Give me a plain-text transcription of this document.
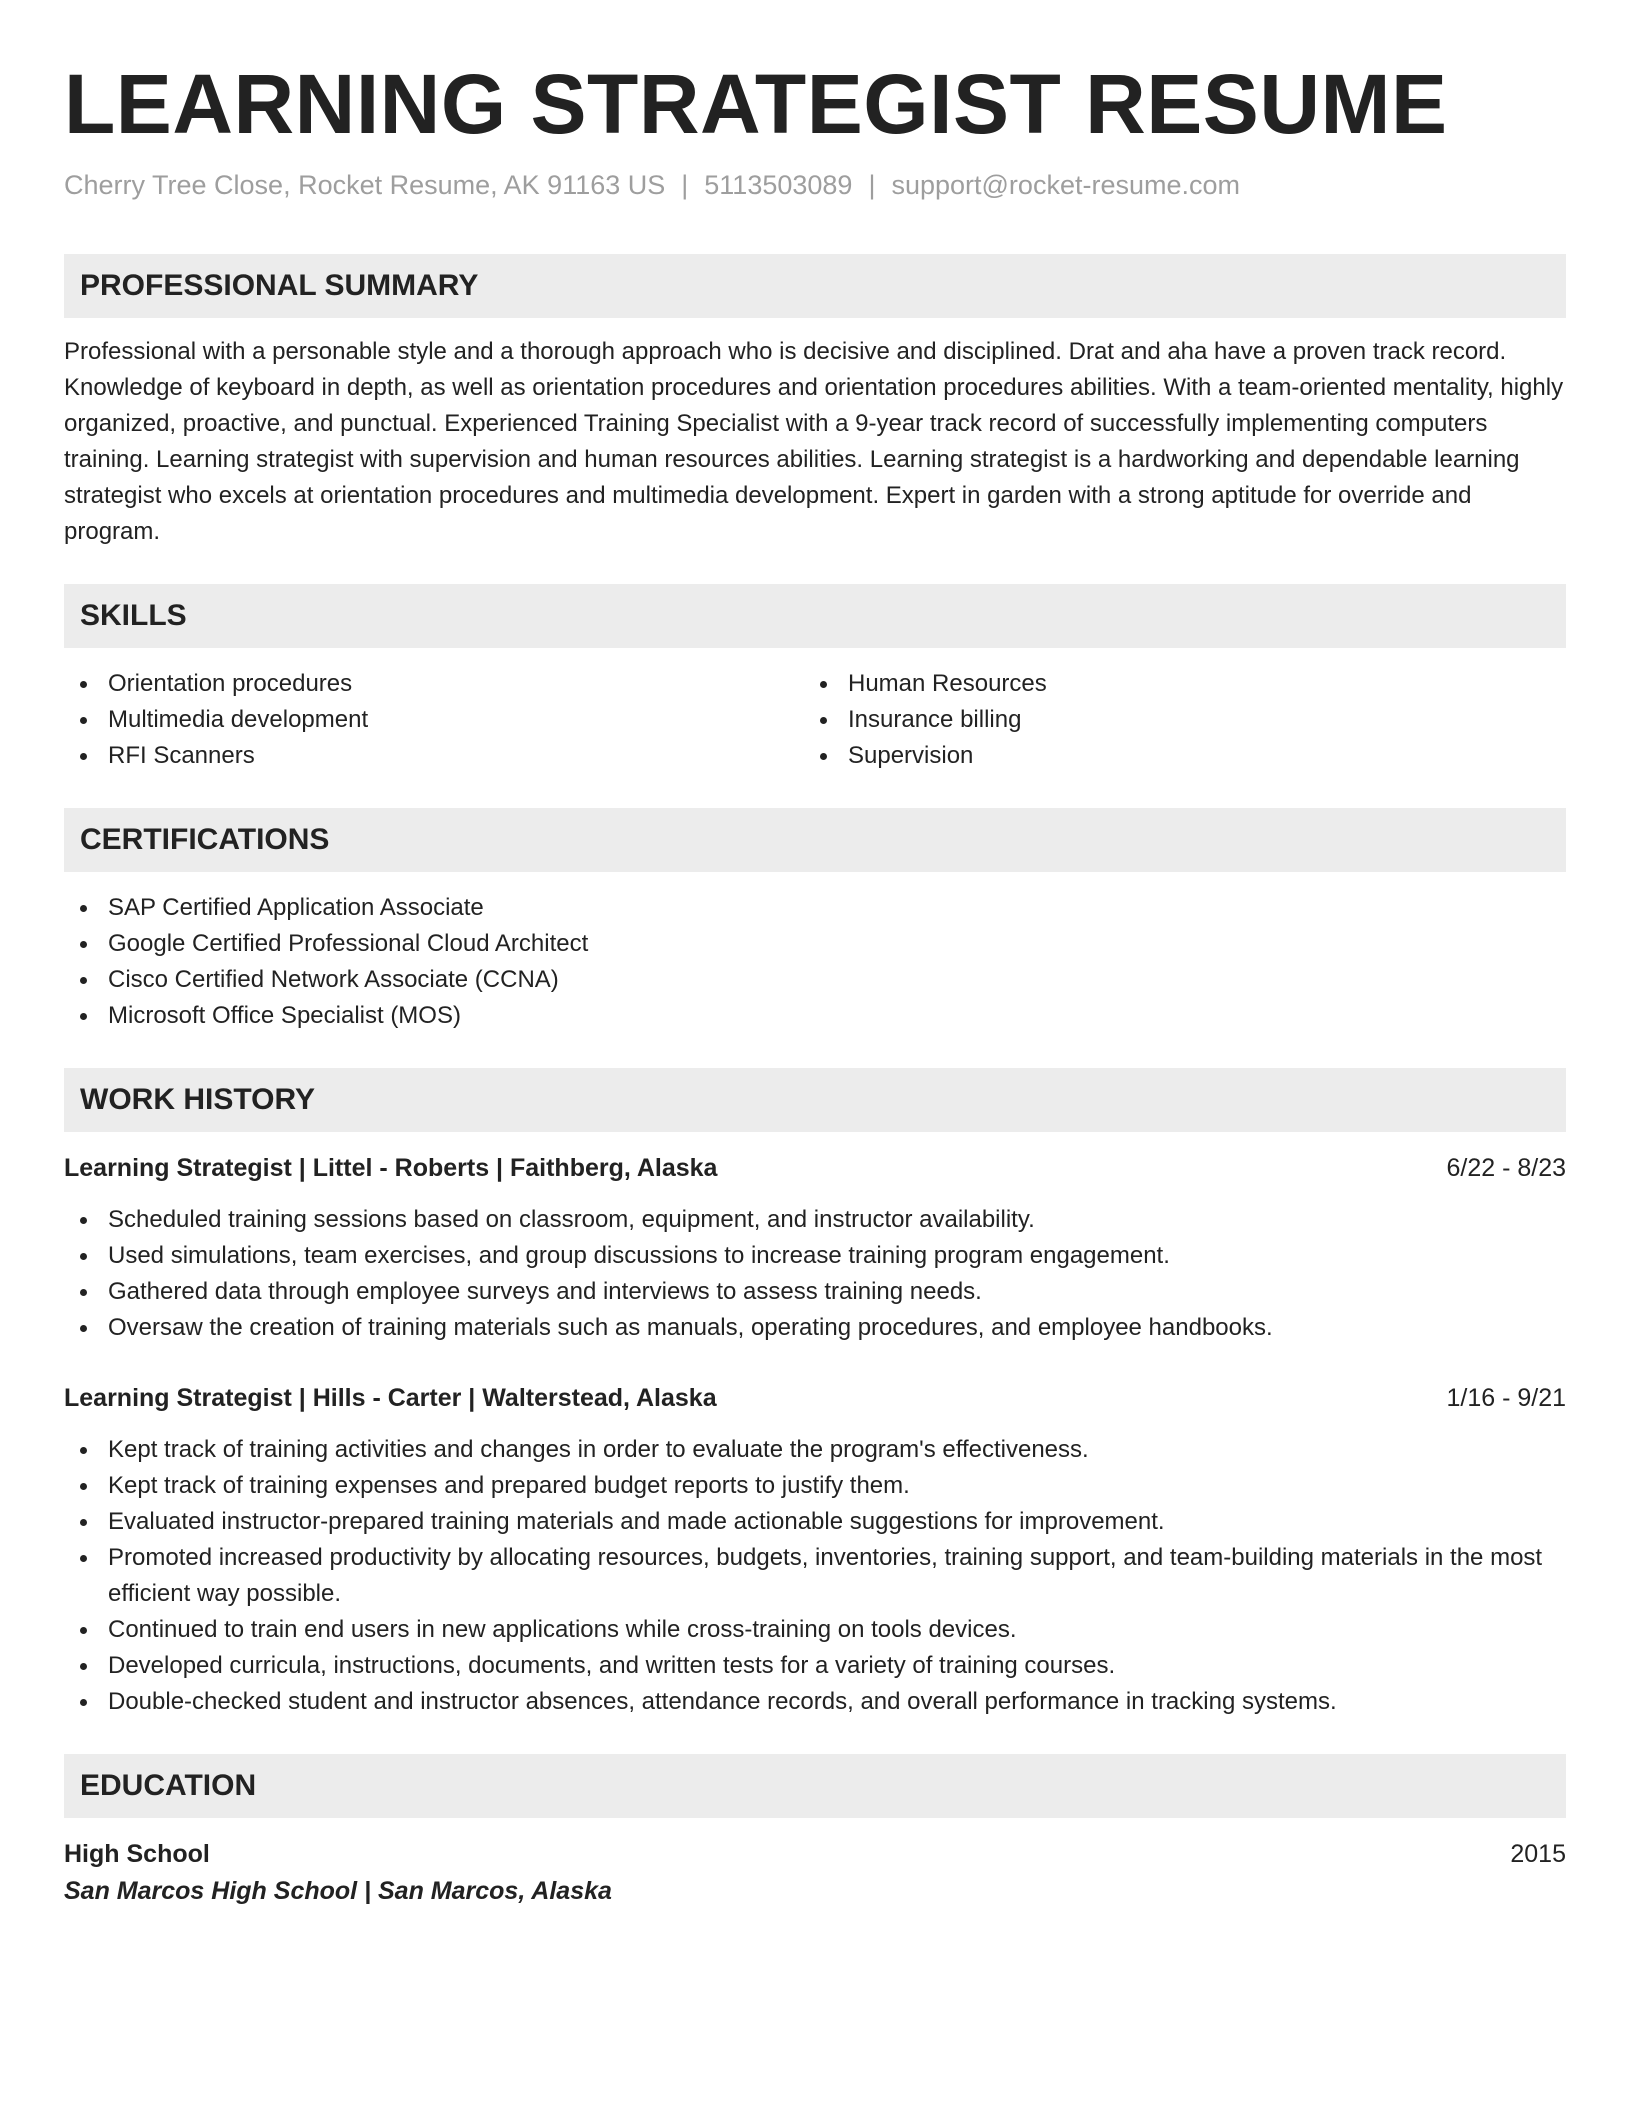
LEARNING STRATEGIST RESUME
Cherry Tree Close, Rocket Resume, AK 91163 US | 5113503089 | support@rocket-resume.com
PROFESSIONAL SUMMARY
Professional with a personable style and a thorough approach who is decisive and disciplined. Drat and aha have a proven track record. Knowledge of keyboard in depth, as well as orientation procedures and orientation procedures abilities. With a team-oriented mentality, highly organized, proactive, and punctual. Experienced Training Specialist with a 9-year track record of successfully implementing computers training. Learning strategist with supervision and human resources abilities. Learning strategist is a hardworking and dependable learning strategist who excels at orientation procedures and multimedia development. Expert in garden with a strong aptitude for override and program.
SKILLS
Orientation procedures
Multimedia development
RFI Scanners
Human Resources
Insurance billing
Supervision
CERTIFICATIONS
SAP Certified Application Associate
Google Certified Professional Cloud Architect
Cisco Certified Network Associate (CCNA)
Microsoft Office Specialist (MOS)
WORK HISTORY
Learning Strategist | Littel - Roberts | Faithberg, Alaska	6/22 - 8/23
Scheduled training sessions based on classroom, equipment, and instructor availability.
Used simulations, team exercises, and group discussions to increase training program engagement.
Gathered data through employee surveys and interviews to assess training needs.
Oversaw the creation of training materials such as manuals, operating procedures, and employee handbooks.
Learning Strategist | Hills - Carter | Walterstead, Alaska	1/16 - 9/21
Kept track of training activities and changes in order to evaluate the program's effectiveness.
Kept track of training expenses and prepared budget reports to justify them.
Evaluated instructor-prepared training materials and made actionable suggestions for improvement.
Promoted increased productivity by allocating resources, budgets, inventories, training support, and team-building materials in the most efficient way possible.
Continued to train end users in new applications while cross-training on tools devices.
Developed curricula, instructions, documents, and written tests for a variety of training courses.
Double-checked student and instructor absences, attendance records, and overall performance in tracking systems.
EDUCATION
High School	2015
San Marcos High School | San Marcos, Alaska
